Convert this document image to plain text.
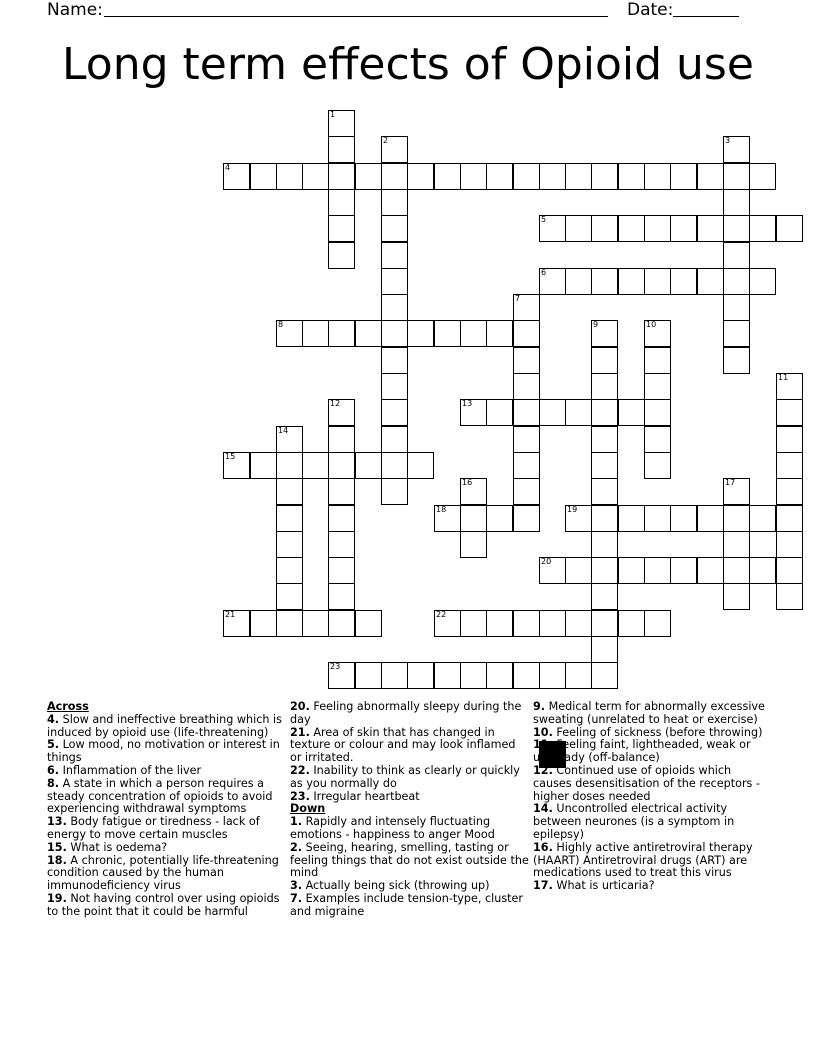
Name:	Date:
Long term effects of Opioid use
1
2	3
4
5
6
7
8	9	10
11
12	13
14
15
16	17
18	19
20
21	22
23
Across
4. Slow and ineffective breathing which is induced by opioid use (life-threatening)
5. Low mood, no motivation or interest in things
6. Inflammation of the liver
8. A state in which a person requires a steady concentration of opioids to avoid experiencing withdrawal symptoms
13. Body fatigue or tiredness - lack of energy to move certain muscles
15. What is oedema?
18. A chronic, potentially life-threatening condition caused by the human immunodeficiency virus
19. Not having control over using opioids to the point that it could be harmful
20. Feeling abnormally sleepy during the day
21. Area of skin that has changed in texture or colour and may look inflamed or irritated.
22. Inability to think as clearly or quickly as you normally do
23. Irregular heartbeat
Down
1. Rapidly and intensely fluctuating emotions - happiness to anger Mood
2. Seeing, hearing, smelling, tasting or feeling things that do not exist outside the mind
3. Actually being sick (throwing up)
7. Examples include tension-type, cluster and migraine
9. Medical term for abnormally excessive sweating (unrelated to heat or exercise)
10. Feeling of sickness (before throwing)
11. Feeling faint, lightheaded, weak or unsteady (off-balance)
12. Continued use of opioids which causes desensitisation of the receptors - higher doses needed
14. Uncontrolled electrical activity between neurones (is a symptom in epilepsy)
16. Highly active antiretroviral therapy (HAART) Antiretroviral drugs (ART) are medications used to treat this virus
17. What is urticaria?
